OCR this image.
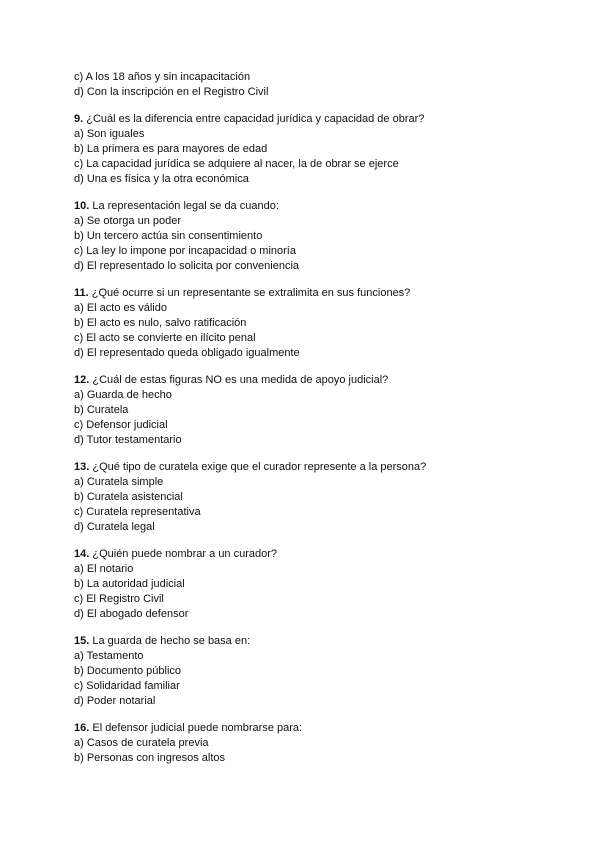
c) A los 18 años y sin incapacitación
d) Con la inscripción en el Registro Civil
9. ¿Cuál es la diferencia entre capacidad jurídica y capacidad de obrar?
a) Son iguales
b) La primera es para mayores de edad
c) La capacidad jurídica se adquiere al nacer, la de obrar se ejerce
d) Una es física y la otra económica
10. La representación legal se da cuando:
a) Se otorga un poder
b) Un tercero actúa sin consentimiento
c) La ley lo impone por incapacidad o minoría
d) El representado lo solicita por conveniencia
11. ¿Qué ocurre si un representante se extralimita en sus funciones?
a) El acto es válido
b) El acto es nulo, salvo ratificación
c) El acto se convierte en ilícito penal
d) El representado queda obligado igualmente
12. ¿Cuál de estas figuras NO es una medida de apoyo judicial?
a) Guarda de hecho
b) Curatela
c) Defensor judicial
d) Tutor testamentario
13. ¿Qué tipo de curatela exige que el curador represente a la persona?
a) Curatela simple
b) Curatela asistencial
c) Curatela representativa
d) Curatela legal
14. ¿Quién puede nombrar a un curador?
a) El notario
b) La autoridad judicial
c) El Registro Civil
d) El abogado defensor
15. La guarda de hecho se basa en:
a) Testamento
b) Documento público
c) Solidaridad familiar
d) Poder notarial
16. El defensor judicial puede nombrarse para:
a) Casos de curatela previa
b) Personas con ingresos altos
